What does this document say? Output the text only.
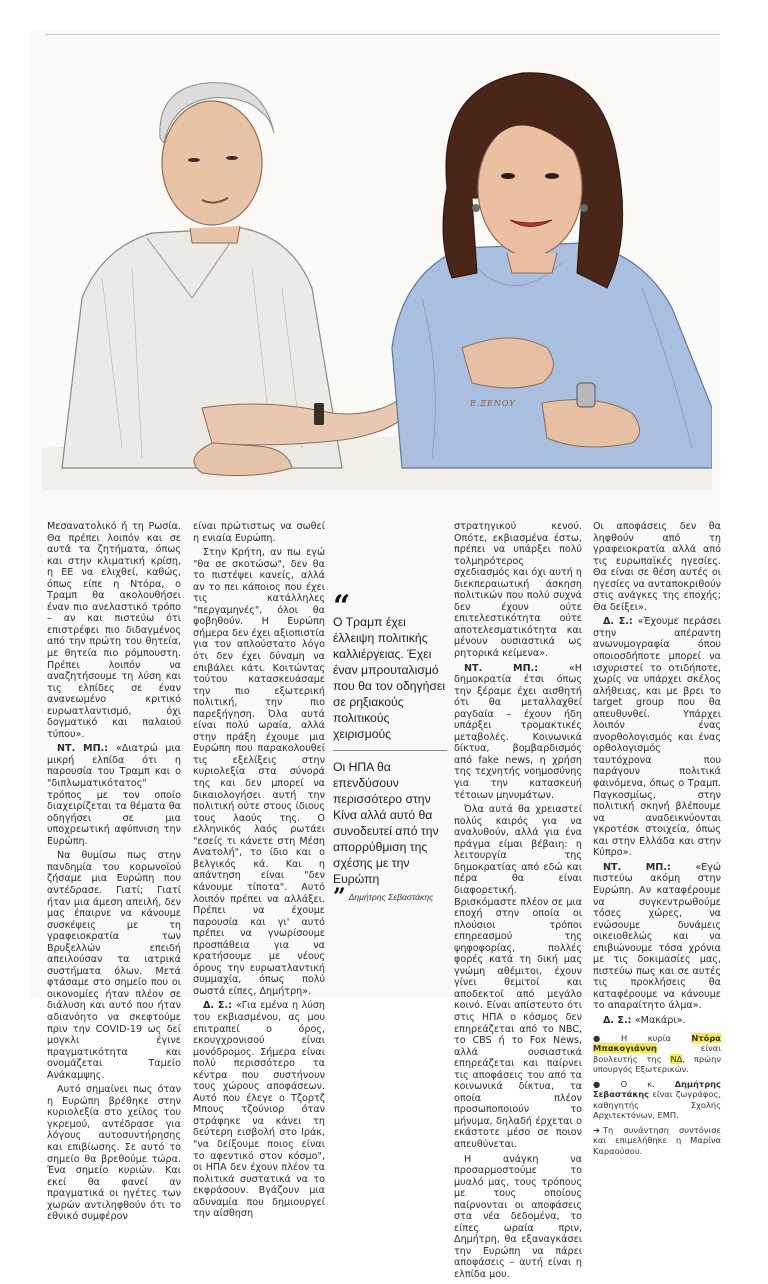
E.ΞΕΝΟΥ

Μεσανατολικό ή τη Ρωσία. Θα πρέπει λοιπόν και σε αυτά τα ζητήματα, όπως και στην κλιματική κρίση, η ΕΕ να ελιχθεί, καθώς, όπως είπε η Ντόρα, ο Τραμπ θα ακολουθήσει έναν πιο ανελαστικό τρόπο – αν και πιστεύω ότι επιστρέφει πιο διδαγμένος από την πρώτη του θητεία, με θητεία πιο ρόμπουστη. Πρέπει λοιπόν να αναζητήσουμε τη λύση και τις ελπίδες σε έναν ανανεωμένο κριτικό ευρωατλαντισμό, όχι δογματικό και παλαιού τύπου».

ΝΤ. ΜΠ.: «Διατρώ μια μικρή ελπίδα ότι η παρουσία του Τραμπ και ο "διπλωματικότατος" τρόπος με τον οποίο διαχειρίζεται τα θέματα θα οδηγήσει σε μια υποχρεωτική αφύπνιση την Ευρώπη.

Να θυμίσω πως στην πανδημία του κορωνοϊού ζήσαμε μια Ευρώπη που αντέδρασε. Γιατί; Γιατί ήταν μια άμεση απειλή, δεν μας έπαιρνε να κάνουμε συσκέψεις με τη γραφειοκρατία των Βρυξελλών επειδή απειλούσαν τα ιατρικά συστήματα όλων. Μετά φτάσαμε στο σημείο που οι οικονομίες ήταν πλέον σε διάλυση και αυτό που ήταν αδιανόητο να σκεφτούμε πριν την COVID-19 ως δεί μογκλι έγινε πραγματικότητα και ονομάζεται Ταμείο Ανάκαμψης.

Αυτό σημαίνει πως όταν η Ευρώπη βρέθηκε στην κυριολεξία στο χείλος του γκρεμού, αντέδρασε για λόγους αυτοσυντήρησης και επιβίωσης. Σε αυτό το σημείο θα βρεθούμε τώρα. Ένα σημείο κυριών. Και εκεί θα φανεί αν πραγματικά οι ηγέτες των χωρών αντιληφθούν ότι το εθνικό συμφέρον

είναι πρώτιστως να σωθεί η ενιαία Ευρώπη.

Στην Κρήτη, αν πω εγώ "θα σε σκοτώσω", δεν θα το πιστέψει κανείς, αλλά αν το πει κάποιος που έχει τις κατάλληλες "περγαμηνές", όλοι θα φοβηθούν. Η Ευρώπη σήμερα δεν έχει αξιοπιστία για τον απλούστατο λόγο ότι δεν έχει δύναμη να επιβάλει κάτι. Κοιτώντας τούτου κατασκευάσαμε την πιο εξωτερική πολιτική, την πιο παρεξήγηση. Όλα αυτά είναι πολύ ωραία, αλλά στην πράξη έχουμε μια Ευρώπη που παρακολουθεί τις εξελίξεις στην κυριολεξία στα σύνορά της και δεν μπορεί να δικαιολογήσει αυτή την πολιτική ούτε στους ίδιους τους λαούς της. Ο ελληνικός λαός ρωτάει "εσείς τι κάνετε στη Μέση Ανατολή", το ίδιο και ο βελγικός κά. Και η απάντηση είναι "δεν κάνουμε τίποτα". Αυτό λοιπόν πρέπει να αλλάξει. Πρέπει να έχουμε παρουσία και γι' αυτό πρέπει να γνωρίσουμε προσπάθεια για να κρατήσουμε με νέους όρους την ευρωατλαντική συμμαχία, όπως πολύ σωστά είπες, Δημήτρη».

Δ. Σ.: «Για εμένα η λύση του εκβιασμένου, ας μου επιτραπεί ο όρος, εκουγχρονισού είναι μονόδρομος. Σήμερα είναι πολύ περισσότερο τα κέντρα που συστήνουν τους χώρους αποφάσεων. Αυτό που έλεγε ο Τζορτζ Μπους τζούνιορ όταν στράφηκε να κάνει τη δεύτερη εισβολή στο Ιράκ, "να δείξουμε ποιος είναι το αφεντικό στον κόσμο", οι ΗΠΑ δεν έχουν πλέον τα πολιτικά συστατικά να το εκφράσουν. Βγάζουν μια αδυναμία που δημιουργεί την αίσθηση

“
Ο Τραμπ έχει έλλειψη πολιτικής καλλιέργειας. Έχει έναν μπρουταλισμό που θα τον οδηγήσει σε ρηξιακούς πολιτικούς χειρισμούς
Οι ΗΠΑ θα επενδύσουν περισσότερο στην Κίνα αλλά αυτό θα συνοδευτεί από την απορρύθμιση της σχέσης με την Ευρώπη
” Δημήτρης Σεβαστάκης

στρατηγικού κενού. Οπότε, εκβιασμένα έστω, πρέπει να υπάρξει πολύ τολμηρότερος σχεδιασμός και όχι αυτή η διεκπεραιωτική άσκηση πολιτικών που πολύ συχνά δεν έχουν ούτε επιτελεστικότητα ούτε αποτελεσματικότητα και μένουν ουσιαστικά ως ρητορικά κείμενα».

ΝΤ. ΜΠ.: «Η δημοκρατία έτσι όπως την ξέραμε έχει αισθητή ότι θα μεταλλαχθεί ραγδαία – έχουν ήδη υπάρξει τρομακτικές μεταβολές. Κοινωνικά δίκτυα, βομβαρδισμός από fake news, η χρήση της τεχνητής νοημοσύνης για την κατασκευή τέτοιων μηνυμάτων.

Όλα αυτά θα χρειαστεί πολύς καιρός για να αναλυθούν, αλλά για ένα πράγμα είμαι βέβαιη: η λειτουργία της δημοκρατίας από εδώ και πέρα θα είναι διαφορετική. Βρισκόμαστε πλέον σε μια εποχή στην οποία οι πλούσιοι τρόποι επηρεασμού της ψηφοφορίας, πολλές φορές κατά τη δική μας γνώμη αθέμιτοι, έχουν γίνει θεμιτοί και αποδεκτοί από μεγάλο κοινό. Είναι απίστευτο ότι στις ΗΠΑ ο κόσμος δεν επηρεάζεται από το NBC, το CBS ή το Fox News, αλλά ουσιαστικά επηρεάζεται και παίρνει τις αποφάσεις του από τα κοινωνικά δίκτυα, τα οποία πλέον προσωποποιούν το μήνυμα, δηλαδή έρχεται ο εκάστοτε μέσο σε ποιον απευθύνεται.

Η ανάγκη να προσαρμοστούμε το μυαλό μας, τους τρόπους με τους οποίους παίρνονται οι αποφάσεις στα νέα δεδομένα, το είπες ωραία πριν, Δημήτρη, θα εξαναγκάσει την Ευρώπη να πάρει αποφάσεις – αυτή είναι η ελπίδα μου.

Οι αποφάσεις δεν θα ληφθούν από τη γραφειοκρατία αλλά από τις ευρωπαϊκές ηγεσίες. Θα είναι σε θέση αυτές οι ηγεσίες να ανταποκριθούν στις ανάγκες της εποχής; Θα δείξει».

Δ. Σ.: «Έχουμε περάσει στην απέραντη ανωνυμογραφία όπου οποιοσδήποτε μπορεί να ισχυριστεί το οτιδήποτε, χωρίς να υπάρχει σκέλος αλήθειας, και με βρει το target group που θα απευθυνθεί. Υπάρχει λοιπόν ένας ανορθολογισμός και ένας ορθολογισμός ταυτόχρονα που παράγουν πολιτικά φαινόμενα, όπως ο Τραμπ. Παγκοσμίως, στην πολιτική σκηνή βλέπουμε να αναδεικνύονται γκροτέσκ στοιχεία, όπως και στην Ελλάδα και στην Κύπρο».

ΝΤ. ΜΠ.: «Εγώ πιστεύω ακόμη στην Ευρώπη. Αν καταφέρουμε να συγκεντρωθούμε τόσες χώρες, να ενώσουμε δυνάμεις οικειοθελώς και να επιβιώνουμε τόσα χρόνια με τις δοκιμασίες μας, πιστεύω πως και σε αυτές τις προκλήσεις θα καταφέρουμε να κάνουμε το απαραίτητο άλμα».

Δ. Σ.: «Μακάρι».

● Η κυρία Ντόρα Μπακογιάννη είναι βουλευτής της ΝΔ, πρώην υπουργός Εξωτερικών.
● Ο κ. Δημήτρης Σεβαστάκης είναι ζωγράφος, καθηγητής Σχολής Αρχιτεκτόνων, ΕΜΠ.
➔ Τη συνάντηση συντόνισε και επιμελήθηκε η Μαρίνα Καραούσου.
